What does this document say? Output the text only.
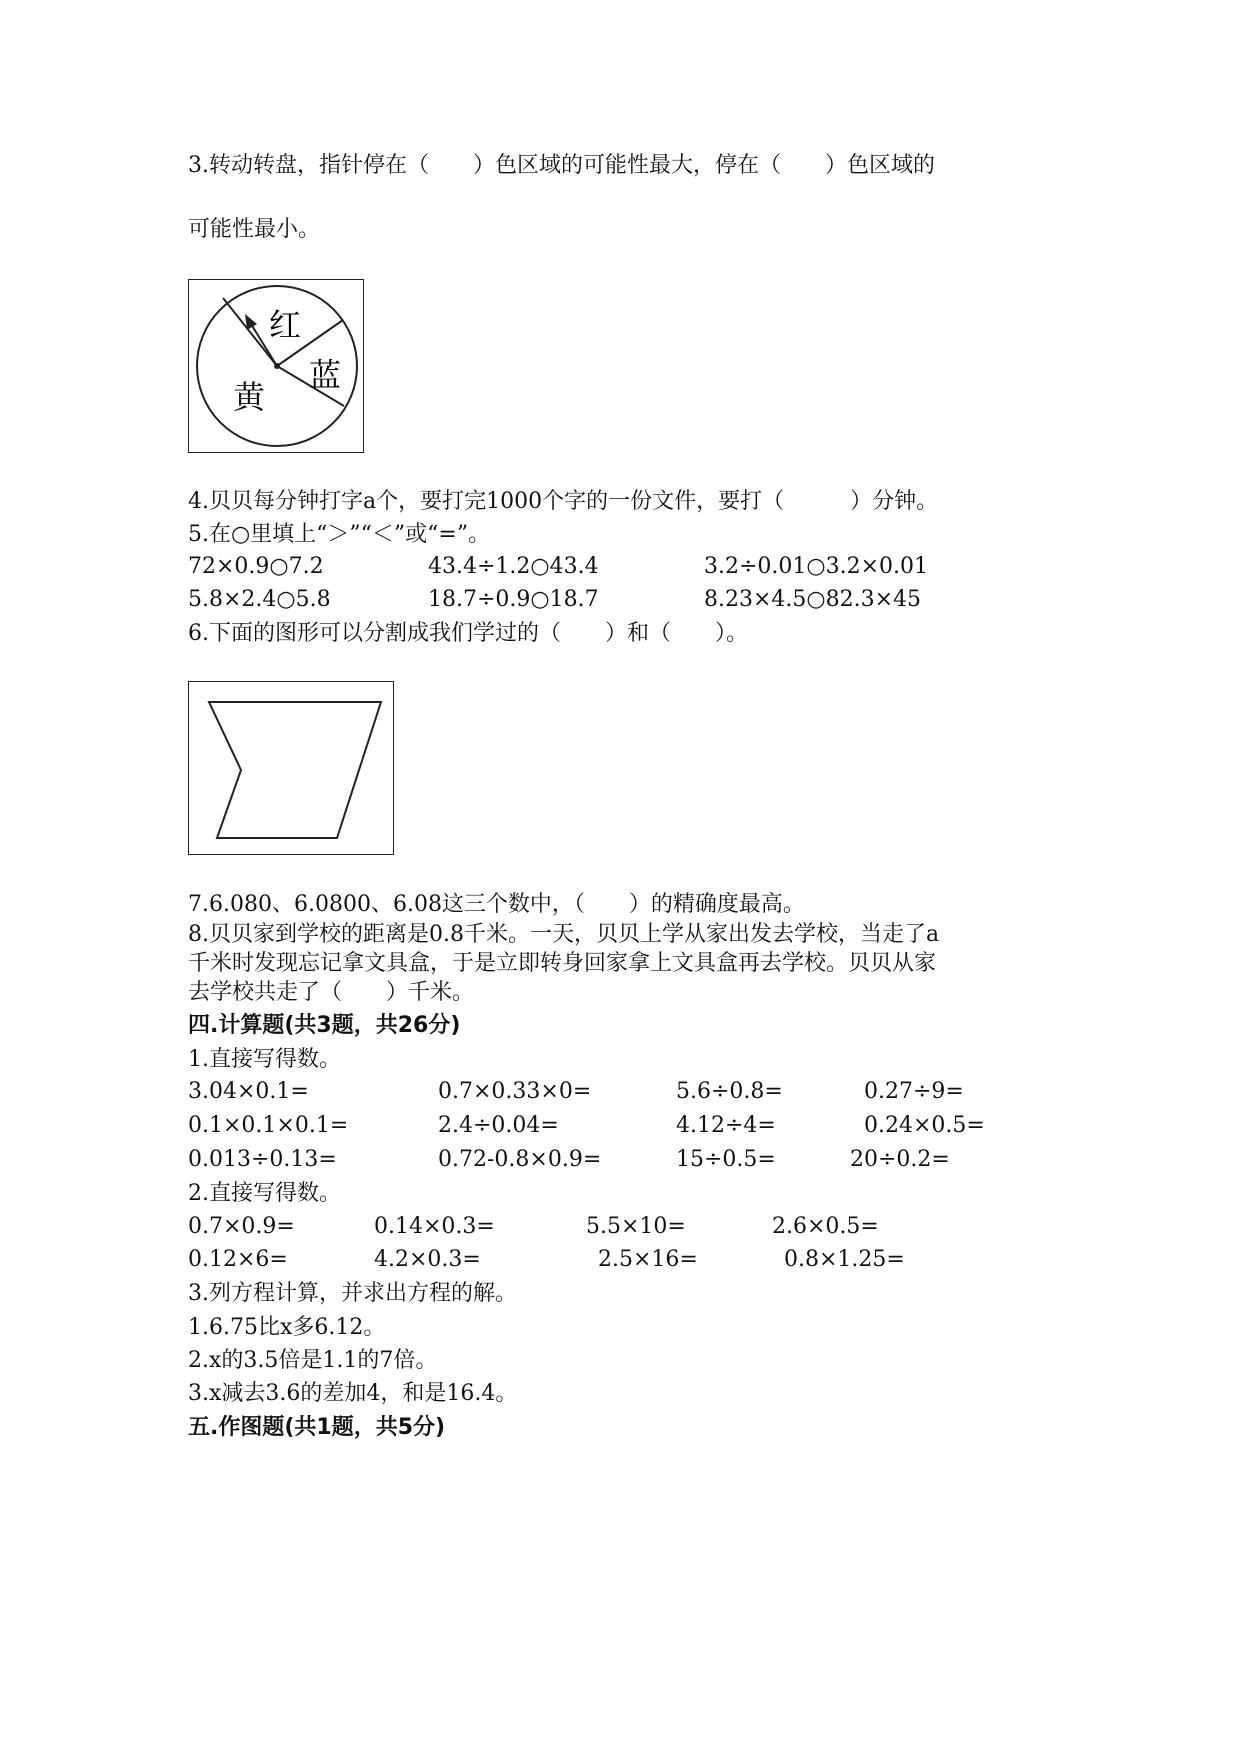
3.转动转盘，指针停在（　　）色区域的可能性最大，停在（　　）色区域的
可能性最小。
红
蓝
黄
4.贝贝每分钟打字a个，要打完1000个字的一份文件，要打（　　　）分钟。
5.在○里填上“＞”“＜”或“=”。
72×0.9○7.2	43.4÷1.2○43.4	3.2÷0.01○3.2×0.01
5.8×2.4○5.8	18.7÷0.9○18.7	8.23×4.5○82.3×45
6.下面的图形可以分割成我们学过的（　　）和（　　）。
7.6.080、6.0800、6.08这三个数中，（　　）的精确度最高。
8.贝贝家到学校的距离是0.8千米。一天，贝贝上学从家出发去学校，当走了a
千米时发现忘记拿文具盒，于是立即转身回家拿上文具盒再去学校。贝贝从家
去学校共走了（　　）千米。
四.计算题(共3题，共26分)
1.直接写得数。
3.04×0.1=	0.7×0.33×0=	5.6÷0.8=	0.27÷9=
0.1×0.1×0.1=	2.4÷0.04=	4.12÷4=	0.24×0.5=
0.013÷0.13=	0.72-0.8×0.9=	15÷0.5=	20÷0.2=
2.直接写得数。
0.7×0.9=	0.14×0.3=	5.5×10=	2.6×0.5=
0.12×6=	4.2×0.3=	2.5×16=	0.8×1.25=
3.列方程计算，并求出方程的解。
1.6.75比x多6.12。
2.x的3.5倍是1.1的7倍。
3.x减去3.6的差加4，和是16.4。
五.作图题(共1题，共5分)
